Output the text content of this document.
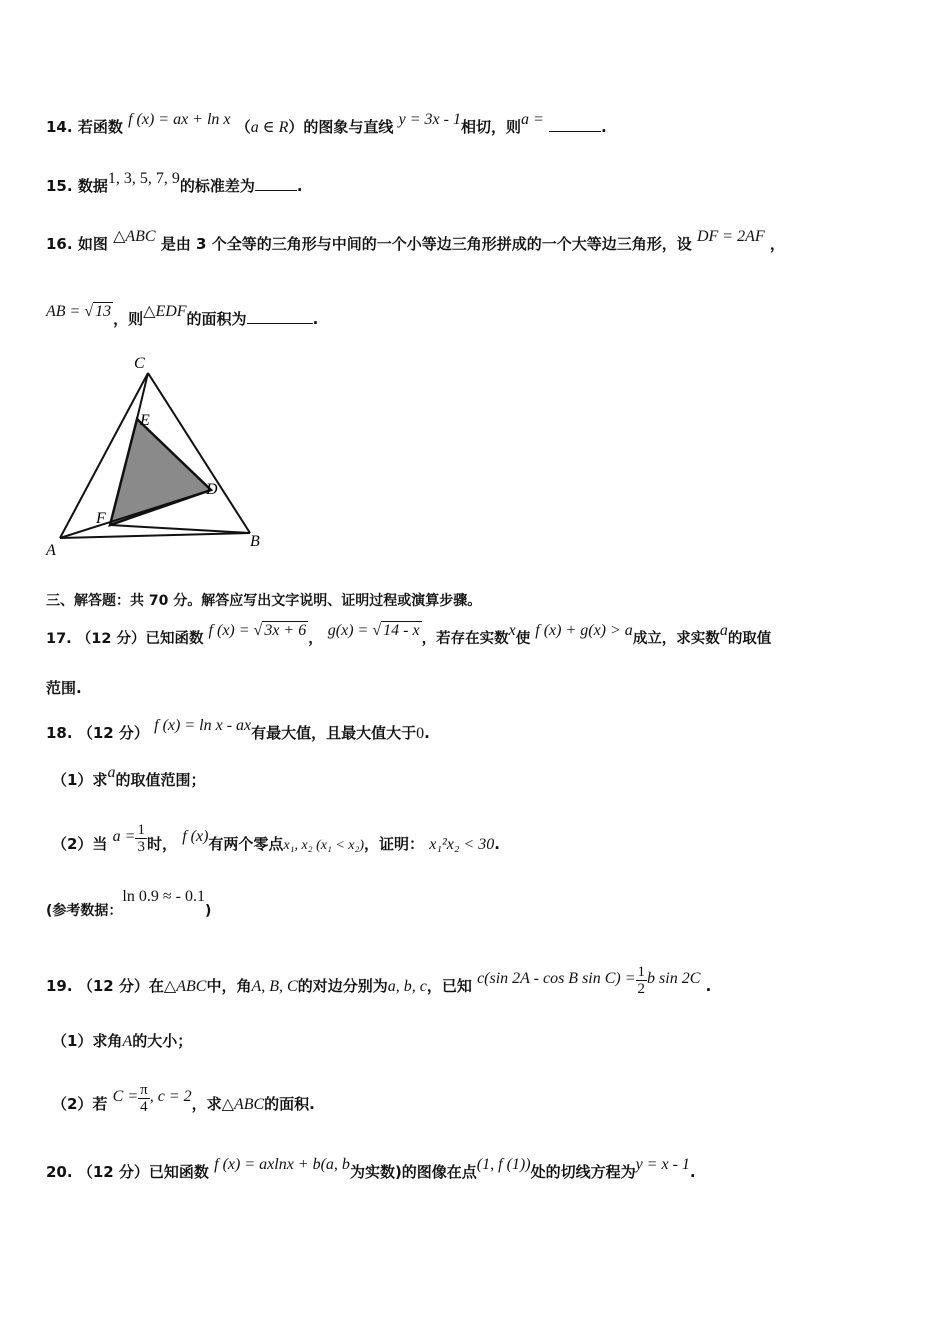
14. 若函数 f (x) = ax + ln x （a ∈ R）的图象与直线 y = 3x - 1相切，则a =	.
15. 数据1, 3, 5, 7, 9的标准差为	.
16. 如图 △ABC 是由 3 个全等的三角形与中间的一个小等边三角形拼成的一个大等边三角形，设 DF = 2AF ，
AB = √ 13 ，则△EDF的面积为	.
C
E
D
F
A
B
三、解答题：共 70 分。解答应写出文字说明、证明过程或演算步骤。
17. （12 分）已知函数 f (x) = √ 3x + 6 ， g(x) = √ 14 - x ，若存在实数x使 f (x) + g(x) > a成立，求实数a的取值
范围.
18. （12 分） f (x) = ln x - ax有最大值，且最大值大于0.
（1）求a的取值范围；
（2）当 $a = \frac{1}{3}$ 时， f (x)有两个零点x₁, x₂ (x₁ < x₂)，证明： x₁²x₂ < 30.
(参考数据：ln 0.9 ≈ - 0.1)
19. （12 分）在△ABC中，角A, B, C的对边分别为a, b, c，已知 c(sin 2A - cos B $\sin C) = \frac{1}{2}$ b sin 2C .
（1）求角A的大小；
（2）若 $C = \frac{\pi}{4}$ , c = 2，求△ABC的面积.
20. （12 分）已知函数 f (x) = axlnx + b(a, b为实数)的图像在点(1, f (1))处的切线方程为y = x - 1.
